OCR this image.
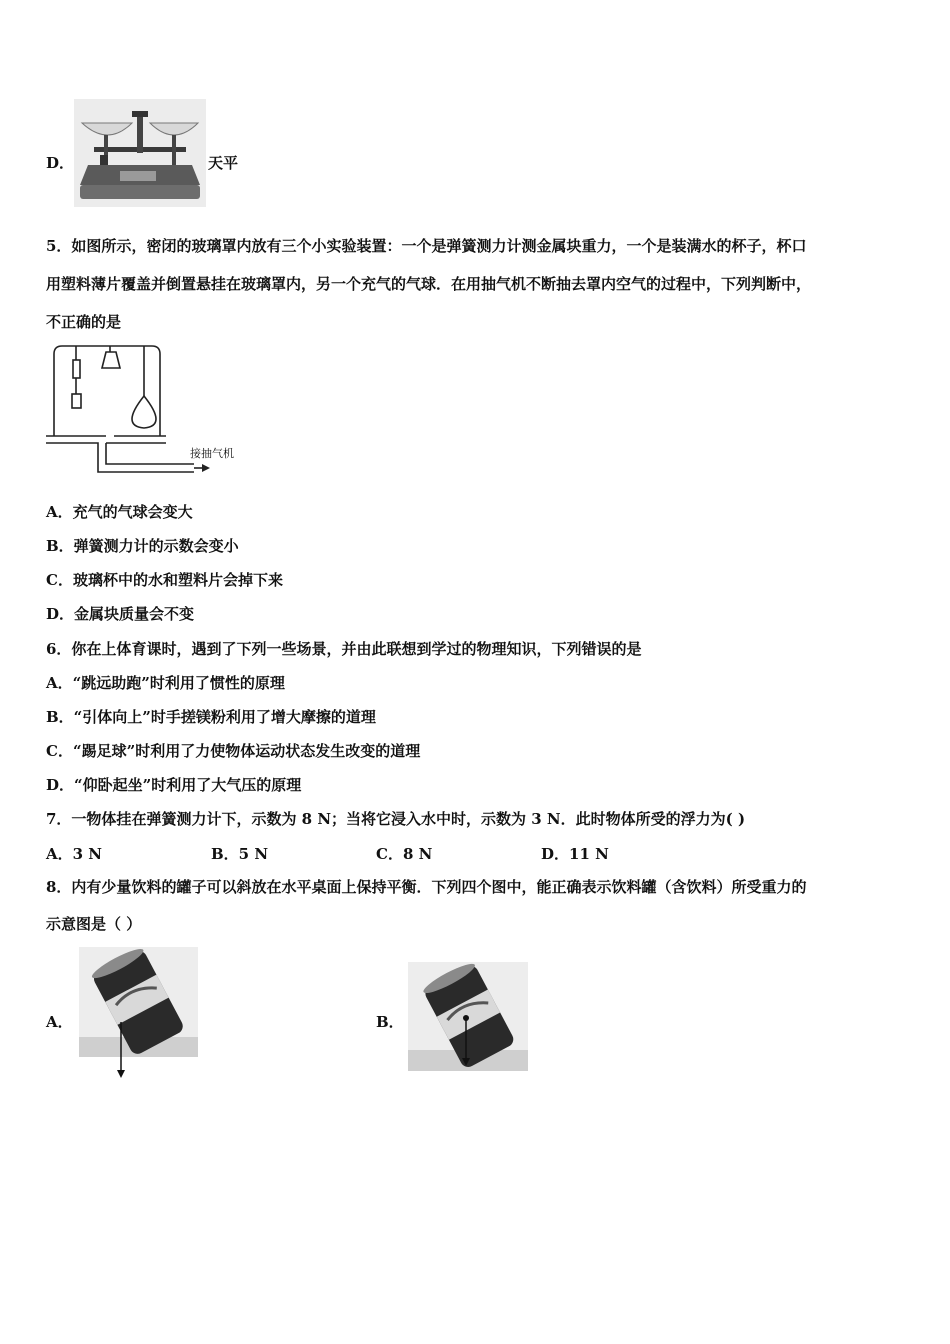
D．	天平
5．如图所示，密闭的玻璃罩内放有三个小实验装置：一个是弹簧测力计测金属块重力，一个是装满水的杯子，杯口
用塑料薄片覆盖并倒置悬挂在玻璃罩内，另一个充气的气球．在用抽气机不断抽去罩内空气的过程中，下列判断中，
不正确的是
接抽气机
A．充气的气球会变大
B．弹簧测力计的示数会变小
C．玻璃杯中的水和塑料片会掉下来
D．金属块质量会不变
6．你在上体育课时，遇到了下列一些场景，并由此联想到学过的物理知识，下列错误的是
A．“跳远助跑”时利用了惯性的原理
B．“引体向上”时手搓镁粉利用了增大摩擦的道理
C．“踢足球”时利用了力使物体运动状态发生改变的道理
D．“仰卧起坐”时利用了大气压的原理
7．一物体挂在弹簧测力计下，示数为 8 N；当将它浸入水中时，示数为 3 N．此时物体所受的浮力为( )
A．3 N	B．5 N	C．8 N	D．11 N
8．内有少量饮料的罐子可以斜放在水平桌面上保持平衡．下列四个图中，能正确表示饮料罐（含饮料）所受重力的
示意图是（ ）
A．	B．
